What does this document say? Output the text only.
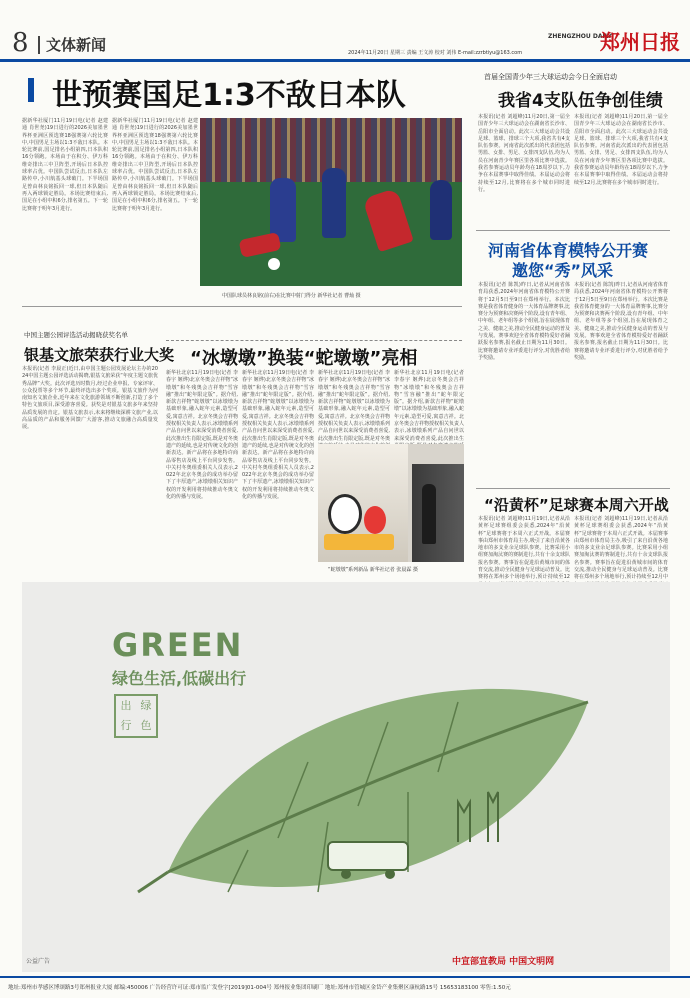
8 文体新闻	2024年11月20日 星期三 责编 王文涛 校对 刘伟 E-mail:zzrbtiyu@163.com
ZHENGZHOU DAILY
郑州日报
世预赛国足1:3不敌日本队
据新华社厦门11月19日电(记者 赵建通 肖世尧)19日进行的2026美加墨世界杯亚洲区预选赛18强赛第六轮比赛中,中国男足主场以1:3不敌日本队。本轮比赛前,国足排名小组第四,日本队积16分领跑。本场由于在积分、伊万科维奇排出三中卫阵型,开场后日本队控球率占优。中国队尝试反击,日本队左路传中,小川航基头球破门。下半场国足曾由林良铭扳回一球,但日本队随后再入两球锁定胜局。本场比赛结束后,国足在小组中积6分,排名第五。下一轮比赛将于明年3月进行。
据新华社厦门11月19日电(记者 赵建通 肖世尧)19日进行的2026美加墨世界杯亚洲区预选赛18强赛第六轮比赛中,中国男足主场以1:3不敌日本队。本轮比赛前,国足排名小组第四,日本队积16分领跑。本场由于在积分、伊万科维奇排出三中卫阵型,开场后日本队控球率占优。中国队尝试反击,日本队左路传中,小川航基头球破门。下半场国足曾由林良铭扳回一球,但日本队随后再入两球锁定胜局。本场比赛结束后,国足在小组中积6分,排名第五。下一轮比赛将于明年3月进行。
中国队球员林良铭(前右)在比赛中射门得分 新华社记者 曹灿 摄
首届全国青少年三大球运动会今日全面启动
我省4支队伍争创佳绩
本报讯(记者 刘超峰)11月20日,第一届全国青少年三大球运动会在湖南省长沙市、岳阳市全面启动。此次三大球运动会共设足球、篮球、排球三个大项,我省共有4支队伍参赛。河南省此次派出的代表团包括男篮、女排、男足、女排四支队伍,均为人员在河南青少年赛区里各项比赛中选拔。我省参赛运动员年龄均在18周岁以下,力争在本届赛事中取得佳绩。本届运动会将持续至12月,比赛将在多个城市同时进行。
本报讯(记者 刘超峰)11月20日,第一届全国青少年三大球运动会在湖南省长沙市、岳阳市全面启动。此次三大球运动会共设足球、篮球、排球三个大项,我省共有4支队伍参赛。河南省此次派出的代表团包括男篮、女排、男足、女排四支队伍,均为人员在河南青少年赛区里各项比赛中选拔。我省参赛运动员年龄均在18周岁以下,力争在本届赛事中取得佳绩。本届运动会将持续至12月,比赛将在多个城市同时进行。
河南省体育模特公开赛
邀您“秀”风采
本报讯(记者 陈凯)昨日,记者从河南省体育局获悉,2024年河南省体育模特公开赛将于12月5日至9日在郑州举行。本次比赛是我省体育健身的一大体育品牌赛事,比赛分为预赛和决赛两个阶段,设有青年组、中年组、老年组等多个组别,旨在展现体育之美、健康之美,推动全民健身运动的普及与发展。赛事欢迎全省体育模特爱好者踊跃报名参赛,报名截止日期为11月30日。比赛将邀请专业评委进行评分,对优胜者给予奖励。
本报讯(记者 陈凯)昨日,记者从河南省体育局获悉,2024年河南省体育模特公开赛将于12月5日至9日在郑州举行。本次比赛是我省体育健身的一大体育品牌赛事,比赛分为预赛和决赛两个阶段,设有青年组、中年组、老年组等多个组别,旨在展现体育之美、健康之美,推动全民健身运动的普及与发展。赛事欢迎全省体育模特爱好者踊跃报名参赛,报名截止日期为11月30日。比赛将邀请专业评委进行评分,对优胜者给予奖励。
“沿黄杯”足球赛本周六开战
本报讯(记者 刘超峰)11月19日,记者从沿黄杯足球赛组委会获悉,2024年“沿黄杯”足球赛将于本周六正式开战。本届赛事由郑州市体育局主办,吸引了来自沿黄各地市的多支业余足球队参赛。比赛采用小组赛加淘汰赛的赛制进行,共有十余支球队报名参赛。赛事旨在促进沿黄城市间的体育交流,推动全民健身与足球运动普及。比赛将在郑州多个场地举行,预计持续至12
本报讯(记者 刘超峰)11月19日,记者从沿黄杯足球赛组委会获悉,2024年“沿黄杯”足球赛将于本周六正式开战。本届赛事由郑州市体育局主办,吸引了来自沿黄各地市的多支业余足球队参赛。比赛采用小组赛加淘汰赛的赛制进行,共有十余支球队报名参赛。赛事旨在促进沿黄城市间的体育交流,推动全民健身与足球运动普及。比赛将在郑州多个场地举行,预计持续至12月中
中国主题公园评选活动揭晓获奖名单
银基文旅荣获行业大奖
本报讯(记者 李晨正)近日,由中国主题公园发展论坛主办的2024中国主题公园评选活动揭晓,银基文旅荣获“年度主题文旅优秀品牌”大奖。此次评选历时数月,经过企业申报、专家评审、公众投票等多个环节,最终评选出多个奖项。银基文旅作为河南知名文旅企业,近年来在文化旅游领域不断创新,打造了多个特色文旅项目,深受游客喜爱。获奖是对银基文旅多年来坚持品质发展的肯定。银基文旅表示,未来将继续深耕文旅产业,以高品质的产品和服务回馈广大游客,推动文旅融合高质量发展。
“冰墩墩”换装“蛇墩墩”亮相
新华社北京11月19日电(记者 李春宇 姬烨)北京冬奥会吉祥物“冰墩墩”和冬残奥会吉祥物“雪容融”推出“蛇年限定版”。据介绍,新款吉祥物“蛇墩墩”以冰墩墩为基础形象,融入蛇年元素,造型可爱,寓意吉祥。北京冬奥会吉祥物授权相关负责人表示,冰墩墩系列产品自问世以来深受消费者喜爱,此次推出生肖限定版,既是对冬奥遗产的延续,也是对传统文化的创新表达。新产品将在多地特许商品零售店及线上平台同步发售。中关村冬奥组委相关人员表示,2022年北京冬奥会的成功举办留下了丰厚遗产,冰墩墩相关知识产权的开发利用将持续推动冬奥文化的传播与发展。
新华社北京11月19日电(记者 李春宇 姬烨)北京冬奥会吉祥物“冰墩墩”和冬残奥会吉祥物“雪容融”推出“蛇年限定版”。据介绍,新款吉祥物“蛇墩墩”以冰墩墩为基础形象,融入蛇年元素,造型可爱,寓意吉祥。北京冬奥会吉祥物授权相关负责人表示,冰墩墩系列产品自问世以来深受消费者喜爱,此次推出生肖限定版,既是对冬奥遗产的延续,也是对传统文化的创新表达。新产品将在多地特许商品零售店及线上平台同步发售。中关村冬奥组委相关人员表示,2022年北京冬奥会的成功举办留下了丰厚遗产,冰墩墩相关知识产权的开发利用将持续推动冬奥文化的传播与发展。
新华社北京11月19日电(记者 李春宇 姬烨)北京冬奥会吉祥物“冰墩墩”和冬残奥会吉祥物“雪容融”推出“蛇年限定版”。据介绍,新款吉祥物“蛇墩墩”以冰墩墩为基础形象,融入蛇年元素,造型可爱,寓意吉祥。北京冬奥会吉祥物授权相关负责人表示,冰墩墩系列产品自问世以来深受消费者喜爱,此次推出生肖限定版,既是对冬奥
新华社北京11月19日电(记者 李春宇 姬烨)北京冬奥会吉祥物“冰墩墩”和冬残奥会吉祥物“雪容融”推出“蛇年限定版”。据介绍,新款吉祥物“蛇墩墩”以冰墩墩为基础形象,融入蛇年元素,造型可爱,寓意吉祥。北京冬奥会吉祥物授权相关负责人表示,冰墩墩系列产品自问世以来深受消费者喜爱,此次推出生
“蛇墩墩”系列新品 新华社记者 张晨霖 摄
GREEN
绿色生活,低碳出行
出 绿
行 色
公益广告	中宣部宣教局 中国文明网
地址:郑州市孝感区博颂路3号郑州报业大厦 邮编:450006 广告经营许可证:郑市监广发登字[2019]01-004号 郑州报业集团印刷厂 地址:郑州市管城区金岱产业集聚区康杭路15号 15653183100 零售:1.50元
